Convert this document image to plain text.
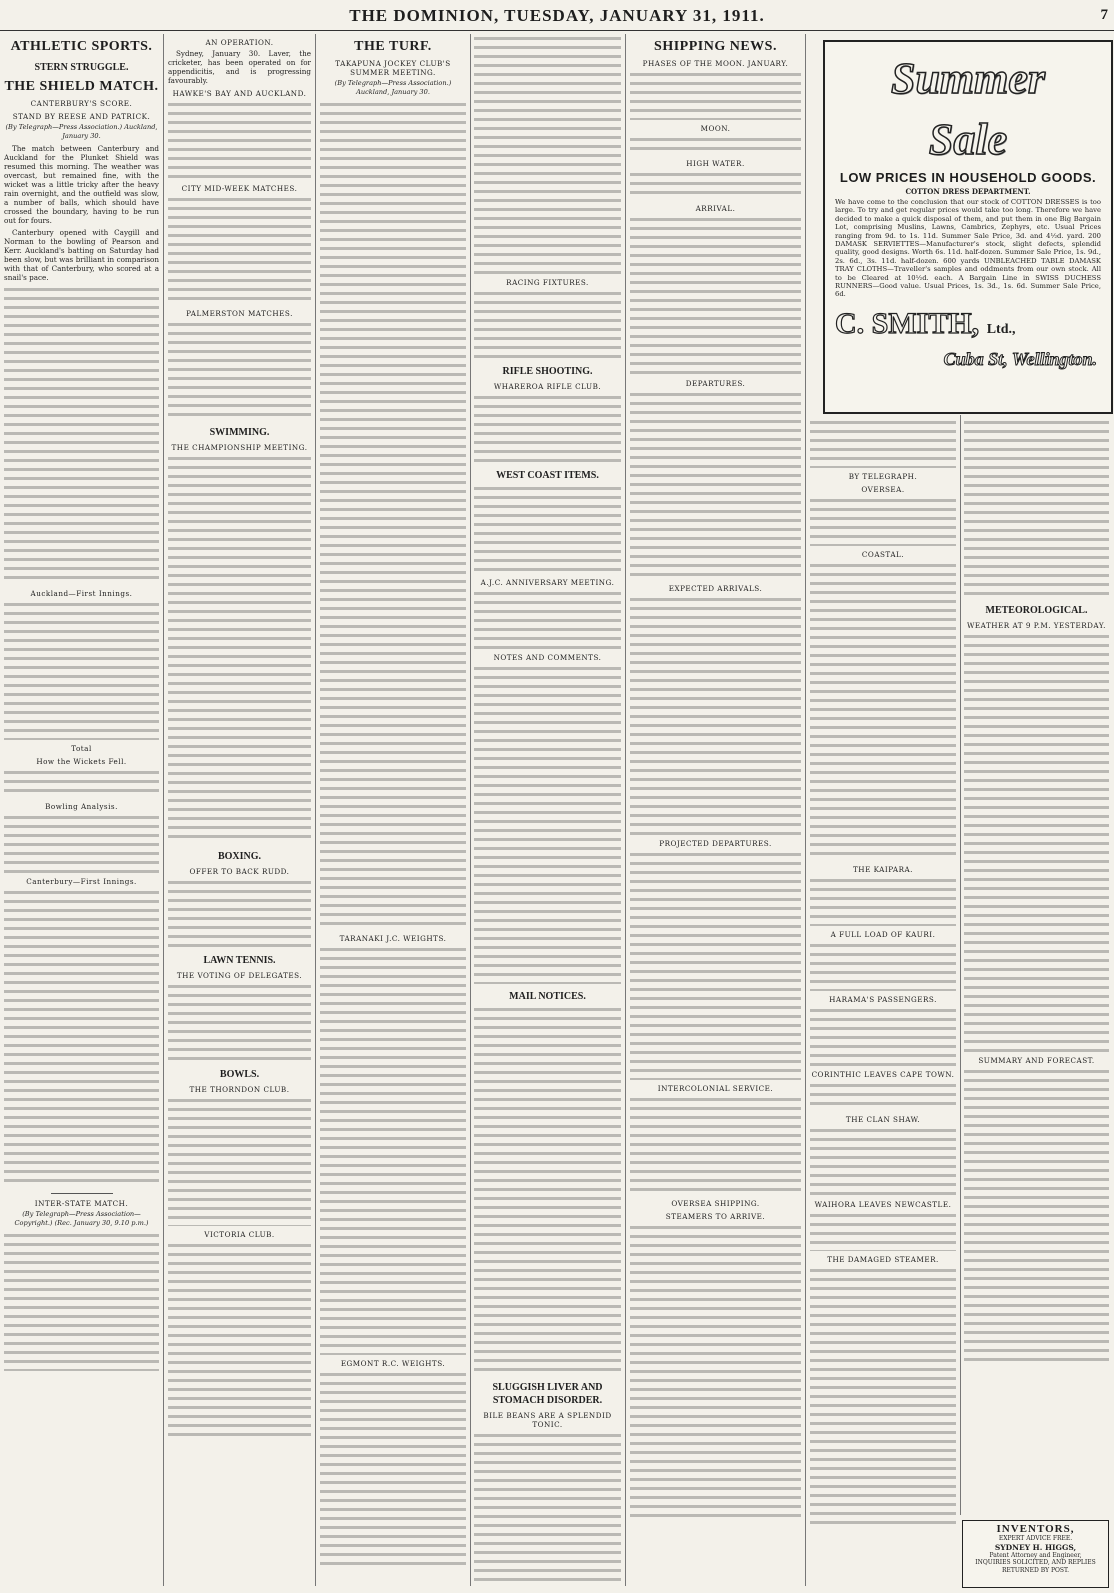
THE DOMINION, TUESDAY, JANUARY 31, 1911.	7
ATHLETIC SPORTS.
STERN STRUGGLE.
THE SHIELD MATCH.
CANTERBURY'S SCORE.
STAND BY REESE AND PATRICK.
(By Telegraph—Press Association.) Auckland, January 30.

The match between Canterbury and Auckland for the Plunket Shield was resumed this morning. The weather was overcast, but remained fine, with the wicket was a little tricky after the heavy rain overnight, and the outfield was slow, a number of balls, which should have crossed the boundary, having to be run out for fours.

Canterbury opened with Caygill and Norman to the bowling of Pearson and Kerr. Auckland's batting on Saturday had been slow, but was brilliant in comparison with that of Canterbury, who scored at a snail's pace.

Auckland—First Innings.
Total
How the Wickets Fell.
Bowling Analysis.
Canterbury—First Innings.
INTER-STATE MATCH.
(By Telegraph—Press Association—Copyright.) (Rec. January 30, 9.10 p.m.)
AN OPERATION.

Sydney, January 30. Laver, the cricketer, has been operated on for appendicitis, and is progressing favourably.

HAWKE'S BAY AND AUCKLAND.
CITY MID-WEEK MATCHES.
PALMERSTON MATCHES.
SWIMMING.
THE CHAMPIONSHIP MEETING.
BOXING.
OFFER TO BACK RUDD.
LAWN TENNIS.
THE VOTING OF DELEGATES.
BOWLS.
THE THORNDON CLUB.
VICTORIA CLUB.
THE TURF.
TAKAPUNA JOCKEY CLUB'S SUMMER MEETING.
(By Telegraph—Press Association.) Auckland, January 30.
TARANAKI J.C. WEIGHTS.
EGMONT R.C. WEIGHTS.
RACING FIXTURES.
RIFLE SHOOTING.
WHAREROA RIFLE CLUB.
WEST COAST ITEMS.
A.J.C. ANNIVERSARY MEETING.
NOTES AND COMMENTS.
MAIL NOTICES.
SLUGGISH LIVER AND STOMACH DISORDER.
BILE BEANS ARE A SPLENDID TONIC.
SHIPPING NEWS.
PHASES OF THE MOON. JANUARY.
MOON.
HIGH WATER.
ARRIVAL.
DEPARTURES.
EXPECTED ARRIVALS.
PROJECTED DEPARTURES.
INTERCOLONIAL SERVICE.
OVERSEA SHIPPING.
STEAMERS TO ARRIVE.
Summer
Sale
LOW PRICES IN HOUSEHOLD GOODS.
COTTON DRESS DEPARTMENT.
We have come to the conclusion that our stock of COTTON DRESSES is too large. To try and get regular prices would take too long. Therefore we have decided to make a quick disposal of them, and put them in one Big Bargain Lot, comprising Muslins, Lawns, Cambrics, Zephyrs, etc. Usual Prices ranging from 9d. to 1s. 11d. Summer Sale Price, 3d. and 4½d. yard. 200 DAMASK SERVIETTES—Manufacturer's stock, slight defects, splendid quality, good designs. Worth 6s. 11d. half-dozen. Summer Sale Price, 1s. 9d., 2s. 6d., 3s. 11d. half-dozen. 600 yards UNBLEACHED TABLE DAMASK TRAY CLOTHS—Traveller's samples and oddments from our own stock. All to be Cleared at 10½d. each. A Bargain Line in SWISS DUCHESS RUNNERS—Good value. Usual Prices, 1s. 3d., 1s. 6d. Summer Sale Price, 6d.
C. SMITH, Ltd.,
Cuba St, Wellington.
BY TELEGRAPH.
OVERSEA.
COASTAL.
THE KAIPARA.
A FULL LOAD OF KAURI.
HARAMA'S PASSENGERS.
CORINTHIC LEAVES CAPE TOWN.
THE CLAN SHAW.
WAIHORA LEAVES NEWCASTLE.
THE DAMAGED STEAMER.
METEOROLOGICAL.
WEATHER AT 9 P.M. YESTERDAY.
SUMMARY AND FORECAST.
INVENTORS,
EXPERT ADVICE FREE.
SYDNEY H. HIGGS,
Patent Attorney and Engineer,
INQUIRIES SOLICITED, AND REPLIES RETURNED BY POST.
